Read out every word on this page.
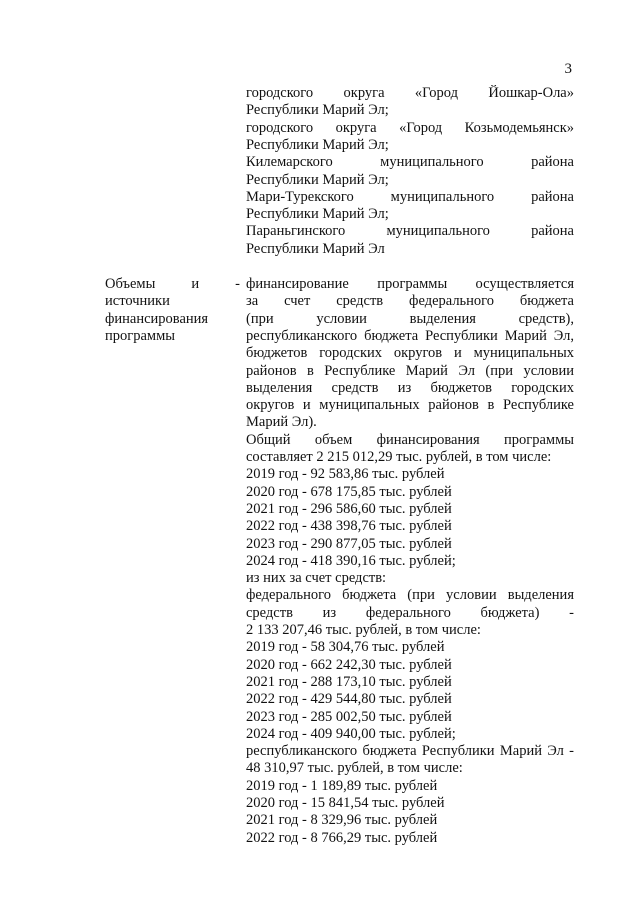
3
городского округа «Город Йошкар-Ола»
Республики Марий Эл;
городского округа «Город Козьмодемьянск»
Республики Марий Эл;
Килемарского муниципального района
Республики Марий Эл;
Мари-Турекского муниципального района
Республики Марий Эл;
Параньгинского муниципального района
Республики Марий Эл
Объемы и -
источники
финансирования
программы
финансирование программы осуществляется
за счет средств федерального бюджета
(при условии выделения средств),
республиканского бюджета Республики Марий Эл,
бюджетов городских округов и муниципальных
районов в Республике Марий Эл (при условии
выделения средств из бюджетов городских
округов и муниципальных районов в Республике
Марий Эл).
Общий объем финансирования программы
составляет 2 215 012,29 тыс. рублей, в том числе:
2019 год - 92 583,86 тыс. рублей
2020 год - 678 175,85 тыс. рублей
2021 год - 296 586,60 тыс. рублей
2022 год - 438 398,76 тыс. рублей
2023 год - 290 877,05 тыс. рублей
2024 год - 418 390,16 тыс. рублей;
из них за счет средств:
федерального бюджета (при условии выделения
средств из федерального бюджета) -
2 133 207,46 тыс. рублей, в том числе:
2019 год - 58 304,76 тыс. рублей
2020 год - 662 242,30 тыс. рублей
2021 год - 288 173,10 тыс. рублей
2022 год - 429 544,80 тыс. рублей
2023 год - 285 002,50 тыс. рублей
2024 год - 409 940,00 тыс. рублей;
республиканского бюджета Республики Марий Эл -
48 310,97 тыс. рублей, в том числе:
2019 год - 1 189,89 тыс. рублей
2020 год - 15 841,54 тыс. рублей
2021 год - 8 329,96 тыс. рублей
2022 год - 8 766,29 тыс. рублей
